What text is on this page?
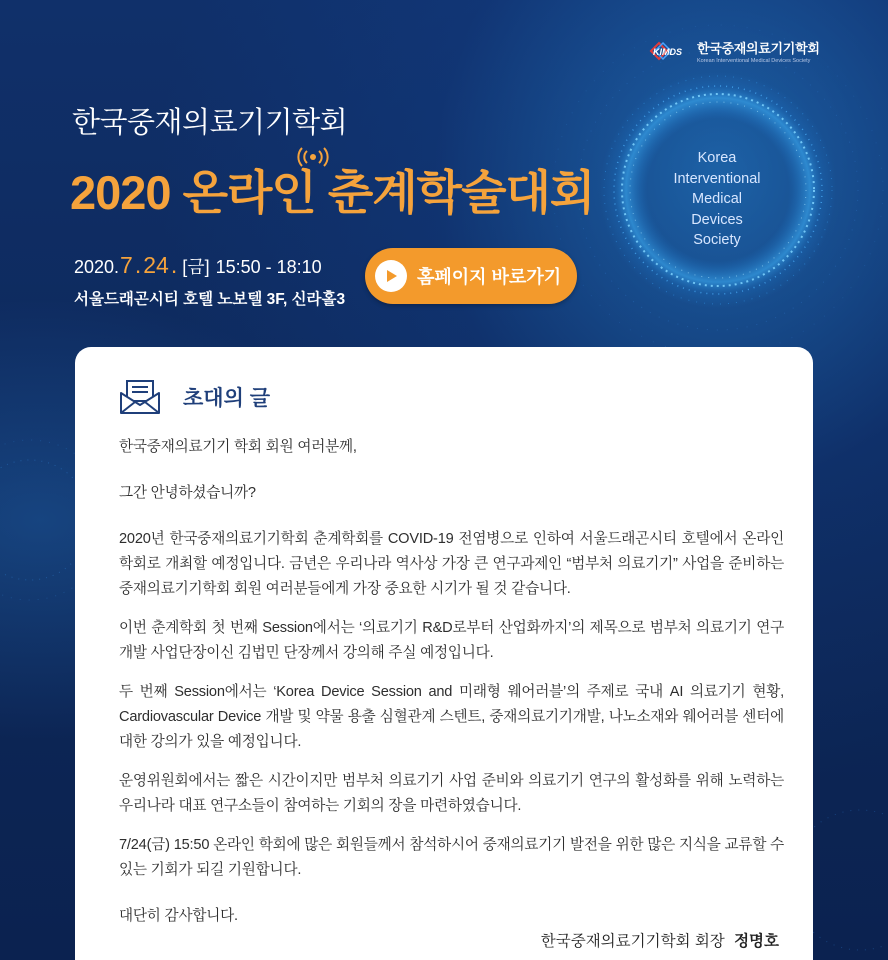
KIMDS 한국중재의료기기학회
Korean Interventional Medical Devices Society
Korea
Interventional
Medical
Devices
Society
한국중재의료기기학회
2020 온라인 춘계학술대회
2020. 7 . 24 . [금] 15:50 - 18:10
서울드래곤시티 호텔 노보텔 3F, 신라홀3
홈페이지 바로가기
초대의 글

한국중재의료기기 학회 회원 여러분께,

그간 안녕하셨습니까?

2020년 한국중재의료기기학회 춘계학회를 COVID-19 전염병으로 인하여 서울드래곤시티 호텔에서 온라인 학회로 개최할 예정입니다. 금년은 우리나라 역사상 가장 큰 연구과제인 “범부처 의료기기” 사업을 준비하는 중재의료기기학회 회원 여러분들에게 가장 중요한 시기가 될 것 같습니다.

이번 춘계학회 첫 번째 Session에서는 ‘의료기기 R&D로부터 산업화까지’의 제목으로 범부처 의료기기 연구개발 사업단장이신 김법민 단장께서 강의해 주실 예정입니다.

두 번째 Session에서는 ‘Korea Device Session and 미래형 웨어러블’의 주제로 국내 AI 의료기기 현황, Cardiovascular Device 개발 및 약물 용출 심혈관계 스텐트, 중재의료기기개발, 나노소재와 웨어러블 센터에 대한 강의가 있을 예정입니다.

운영위원회에서는 짧은 시간이지만 범부처 의료기기 사업 준비와 의료기기 연구의 활성화를 위해 노력하는 우리나라 대표 연구소들이 참여하는 기회의 장을 마련하였습니다.

7/24(금) 15:50 온라인 학회에 많은 회원들께서 참석하시어 중재의료기기 발전을 위한 많은 지식을 교류할 수 있는 기회가 되길 기원합니다.

대단히 감사합니다.

한국중재의료기기학회 회장 정명호
